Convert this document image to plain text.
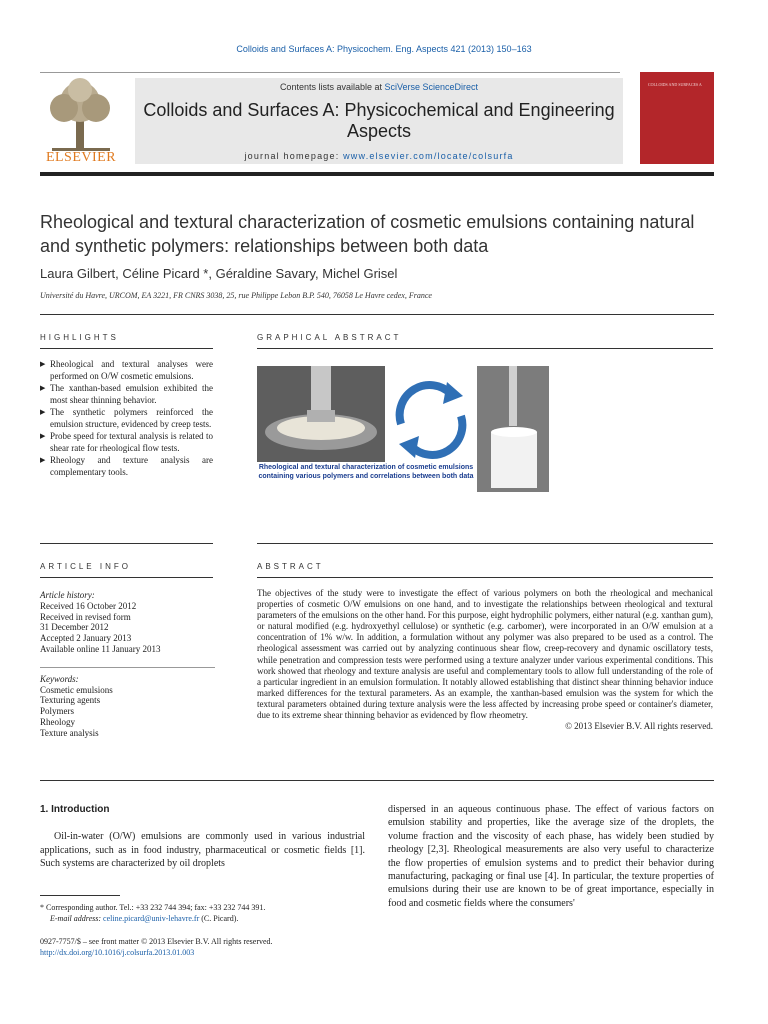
Colloids and Surfaces A: Physicochem. Eng. Aspects 421 (2013) 150–163
ELSEVIER
Contents lists available at SciVerse ScienceDirect
Colloids and Surfaces A: Physicochemical and Engineering Aspects
journal homepage: www.elsevier.com/locate/colsurfa
COLLOIDS AND SURFACES A
Rheological and textural characterization of cosmetic emulsions containing natural and synthetic polymers: relationships between both data
Laura Gilbert, Céline Picard *, Géraldine Savary, Michel Grisel
Université du Havre, URCOM, EA 3221, FR CNRS 3038, 25, rue Philippe Lebon B.P. 540, 76058 Le Havre cedex, France
HIGHLIGHTS
▶ Rheological and textural analyses were performed on O/W cosmetic emulsions.
▶ The xanthan-based emulsion exhibited the most shear thinning behavior.
▶ The synthetic polymers reinforced the emulsion structure, evidenced by creep tests.
▶ Probe speed for textural analysis is related to shear rate for rheological flow tests.
▶ Rheology and texture analysis are complementary tools.
GRAPHICAL ABSTRACT
Rheological and textural characterization of cosmetic emulsions containing various polymers and correlations between both data
ARTICLE INFO
Article history:
Received 16 October 2012
Received in revised form
31 December 2012
Accepted 2 January 2013
Available online 11 January 2013
Keywords:
Cosmetic emulsions
Texturing agents
Polymers
Rheology
Texture analysis
ABSTRACT
The objectives of the study were to investigate the effect of various polymers on both the rheological and mechanical properties of cosmetic O/W emulsions on one hand, and to investigate the relationships between rheological and textural parameters of the emulsions on the other hand. For this purpose, eight hydrophilic polymers, either natural (e.g. xanthan gum), or natural modified (e.g. hydroxyethyl cellulose) or synthetic (e.g. carbomer), were incorporated in an O/W emulsion at a concentration of 1% w/w. In addition, a formulation without any polymer was also prepared to be used as a control. The rheological assessment was carried out by analyzing continuous shear flow, creep-recovery and dynamic oscillatory tests, while penetration and compression tests were performed using a texture analyzer under various experimental conditions. This work showed that rheology and texture analysis are useful and complementary tools to allow full understanding of the role of a particular ingredient in an emulsion formulation. It notably allowed establishing that distinct shear thinning behavior induce marked differences for the textural parameters. As an example, the xanthan-based emulsion was the system for which the textural parameters obtained during texture analysis were the less affected by increasing probe speed or container's diameter, due to its extreme shear thinning behavior as evidenced by flow rheometry.
© 2013 Elsevier B.V. All rights reserved.
1. Introduction

Oil-in-water (O/W) emulsions are commonly used in various industrial applications, such as in food industry, pharmaceutical or cosmetic fields [1]. Such systems are characterized by oil droplets

dispersed in an aqueous continuous phase. The effect of various factors on emulsion stability and properties, like the average size of the droplets, the volume fraction and the viscosity of each phase, has widely been studied by rheology [2,3]. Rheological measurements are also very useful to characterize the flow properties of emulsion systems and to predict their behavior during manufacturing, packaging or final use [4]. In particular, the texture properties of emulsions during their use are known to be of great importance, especially in food and cosmetic fields where the consumers'

* Corresponding author. Tel.: +33 232 744 394; fax: +33 232 744 391.
E-mail address: celine.picard@univ-lehavre.fr (C. Picard).
0927-7757/$ – see front matter © 2013 Elsevier B.V. All rights reserved.
http://dx.doi.org/10.1016/j.colsurfa.2013.01.003
